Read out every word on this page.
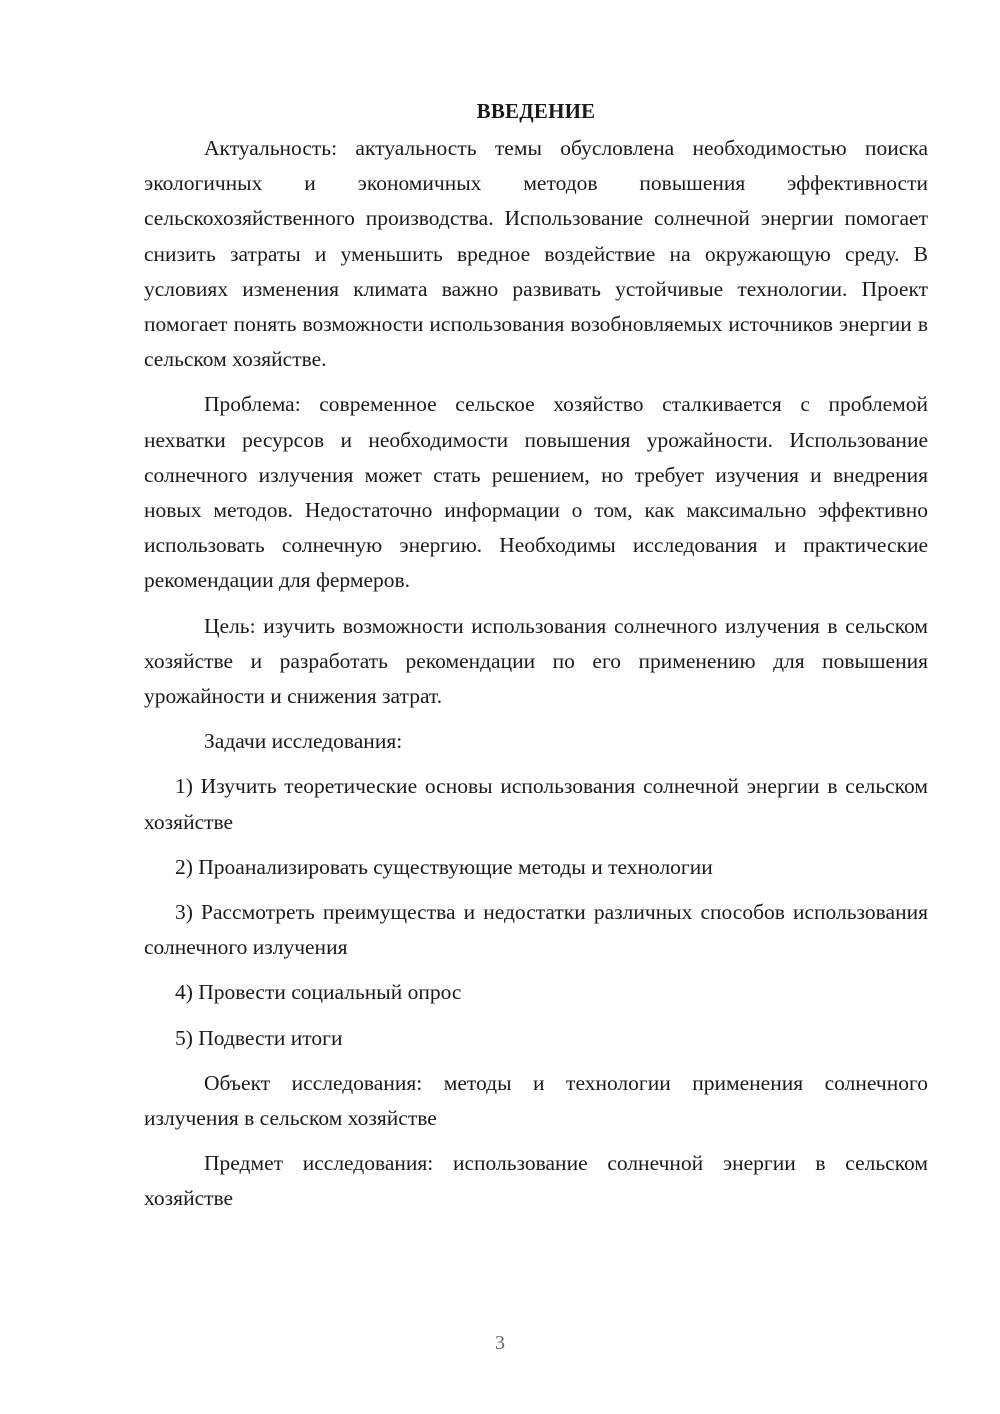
ВВЕДЕНИЕ

Актуальность: актуальность темы обусловлена необходимостью поиска экологичных и экономичных методов повышения эффективности сельскохозяйственного производства. Использование солнечной энергии помогает снизить затраты и уменьшить вредное воздействие на окружающую среду. В условиях изменения климата важно развивать устойчивые технологии. Проект помогает понять возможности использования возобновляемых источников энергии в сельском хозяйстве.

Проблема: современное сельское хозяйство сталкивается с проблемой нехватки ресурсов и необходимости повышения урожайности. Использование солнечного излучения может стать решением, но требует изучения и внедрения новых методов. Недостаточно информации о том, как максимально эффективно использовать солнечную энергию. Необходимы исследования и практические рекомендации для фермеров.

Цель: изучить возможности использования солнечного излучения в сельском хозяйстве и разработать рекомендации по его применению для повышения урожайности и снижения затрат.

Задачи исследования:

1) Изучить теоретические основы использования солнечной энергии в сельском хозяйстве

2) Проанализировать существующие методы и технологии

3) Рассмотреть преимущества и недостатки различных способов использования солнечного излучения

4) Провести социальный опрос

5) Подвести итоги

Объект исследования: методы и технологии применения солнечного излучения в сельском хозяйстве

Предмет исследования: использование солнечной энергии в сельском хозяйстве

3
